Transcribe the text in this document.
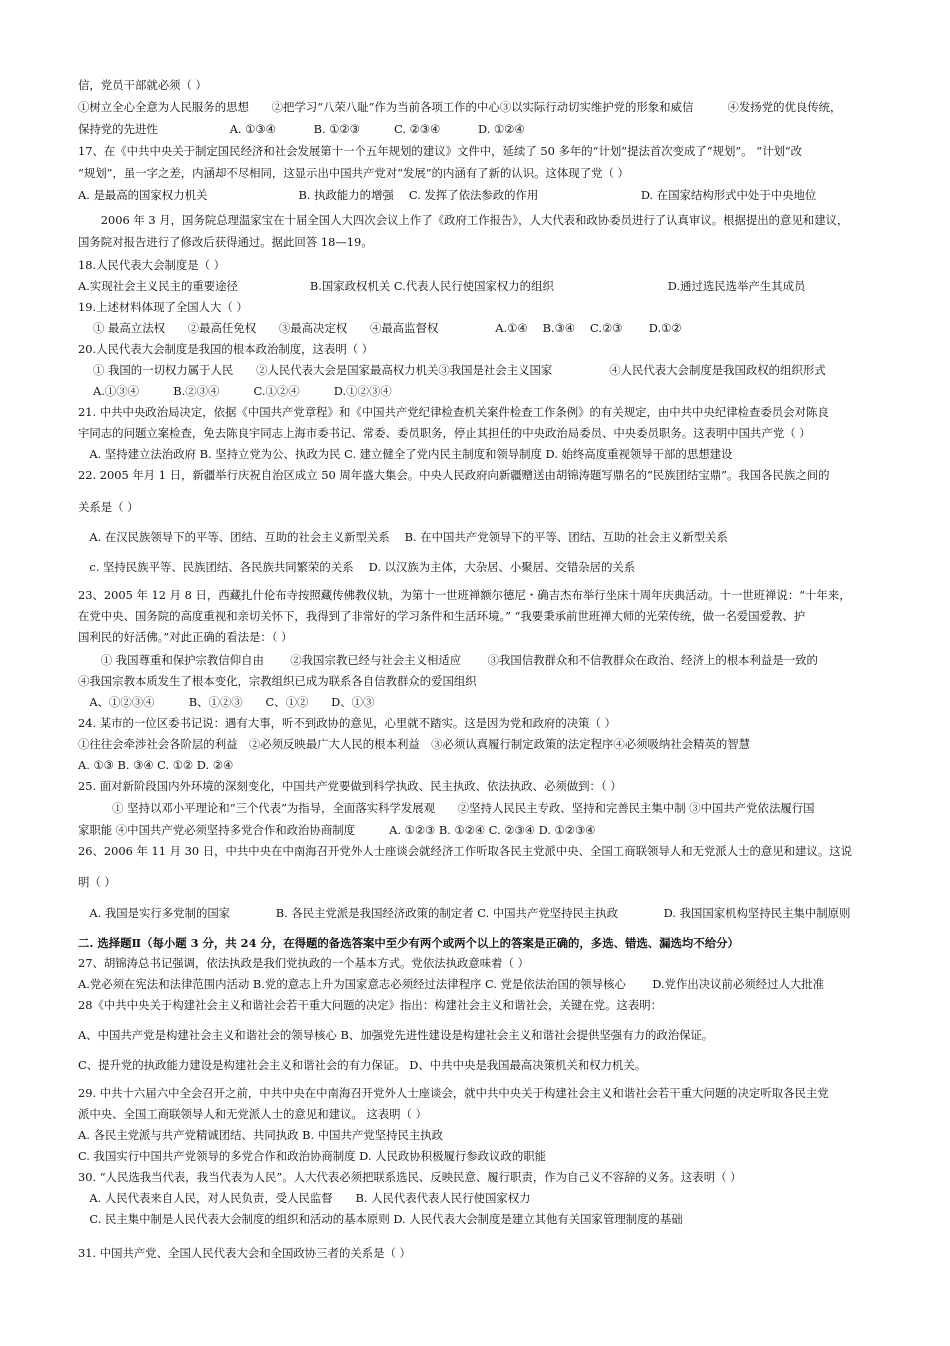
信，党员干部就必须（ ）
①树立全心全意为人民服务的思想　　②把学习“八荣八耻”作为当前各项工作的中心③以实际行动切实维护党的形象和威信　　　④发扬党的优良传统，
保持党的先进性　　　　　　 A. ①③④　　　 B. ①②③　　　C. ②③④　　　 D. ①②④
17、在《中共中央关于制定国民经济和社会发展第十一个五年规划的建议》文件中，延续了 50 多年的“计划”提法首次变成了“规划”。 “计划”改
“规划”，虽一字之差，内涵却不尽相同，这显示出中国共产党对“发展”的内涵有了新的认识。这体现了党（ ）
A. 是最高的国家权力机关　　　　　　　　B. 执政能力的增强　 C. 发挥了依法参政的作用　　　　　　　　　D. 在国家结构形式中处于中央地位
　　2006 年 3 月，国务院总理温家宝在十届全国人大四次会议上作了《政府工作报告》，人大代表和政协委员进行了认真审议。根据提出的意见和建议，
国务院对报告进行了修改后获得通过。据此回答 18—19。
18.人民代表大会制度是（ ）
A.实现社会主义民主的重要途径　　　　　　 B.国家政权机关 C.代表人民行使国家权力的组织　　　　　　　　　　D.通过选民选举产生其成员
19.上述材料体现了全国人大（ ）
　 ① 最高立法权　　②最高任免权　　③最高决定权　　④最高监督权　　　　　A.①④　 B.③④　 C.②③　　 D.①②
20.人民代表大会制度是我国的根本政治制度，这表明（ ）
　 ① 我国的一切权力属于人民　　②人民代表大会是国家最高权力机关③我国是社会主义国家　　　　　④人民代表大会制度是我国政权的组织形式
　 A.①③④　　　B.②③④　　　C.①②④　　　D.①②③④
21. 中共中央政治局决定，依据《中国共产党章程》和《中国共产党纪律检查机关案件检查工作条例》的有关规定，由中共中央纪律检查委员会对陈良
宇同志的问题立案检查，免去陈良宇同志上海市委书记、常委、委员职务，停止其担任的中央政治局委员、中央委员职务。这表明中国共产党（ ）
　A. 坚持建立法治政府 B. 坚持立党为公、执政为民 C. 建立健全了党内民主制度和领导制度 D. 始终高度重视领导干部的思想建设
22. 2005 年月 1 日，新疆举行庆祝自治区成立 50 周年盛大集会。中央人民政府向新疆赠送由胡锦涛题写鼎名的“民族团结宝鼎”。我国各民族之间的
关系是（ ）
　A. 在汉民族领导下的平等、团结、互助的社会主义新型关系　 B. 在中国共产党领导下的平等、团结、互助的社会主义新型关系
　c. 坚持民族平等、民族团结、各民族共同繁荣的关系　 D. 以汉族为主体，大杂居、小聚居、交错杂居的关系
23、2005 年 12 月 8 日，西藏扎什伦布寺按照藏传佛教仪轨，为第十一世班禅额尔德尼・确吉杰布举行坐床十周年庆典活动。十一世班禅说：“十年来，
在党中央、国务院的高度重视和亲切关怀下，我得到了非常好的学习条件和生活环境。” “我要秉承前世班禅大师的光荣传统，做一名爱国爱教、护
国利民的好活佛。”对此正确的看法是：（ ）
　　① 我国尊重和保护宗教信仰自由　　 ②我国宗教已经与社会主义相适应　　 ③我国信教群众和不信教群众在政治、经济上的根本利益是一致的
④我国宗教本质发生了根本变化，宗教组织已成为联系各自信教群众的爱国组织
　A、①②③④　　　B、①②③　　C、①②　　D、①③
24. 某市的一位区委书记说：遇有大事，听不到政协的意见，心里就不踏实。这是因为党和政府的决策（ ）
①往往会牵涉社会各阶层的利益　②必须反映最广大人民的根本利益　③必须认真履行制定政策的法定程序④必须吸纳社会精英的智慧
A. ①③ B. ③④ C. ①② D. ②④
25. 面对新阶段国内外环境的深刻变化，中国共产党要做到科学执政、民主执政、依法执政、必须做到：（ ）
　　　① 坚持以邓小平理论和“三个代表”为指导，全面落实科学发展观　　②坚持人民民主专政、坚持和完善民主集中制 ③中国共产党依法履行国
家职能 ④中国共产党必须坚持多党合作和政治协商制度　　　A. ①②③ B. ①②④ C. ②③④ D. ①②③④
26、2006 年 11 月 30 日，中共中央在中南海召开党外人士座谈会就经济工作听取各民主党派中央、全国工商联领导人和无党派人士的意见和建议。这说
明（ ）
　A. 我国是实行多党制的国家　　　　B. 各民主党派是我国经济政策的制定者 C. 中国共产党坚持民主执政　　　　D. 我国国家机构坚持民主集中制原则
二. 选择题Ⅱ（每小题 3 分，共 24 分，在得题的备选答案中至少有两个或两个以上的答案是正确的，多选、错选、漏选均不给分）
27、胡锦涛总书记强调，依法执政是我们党执政的一个基本方式。党依法执政意味着（ ）
A.党必须在宪法和法律范围内活动 B.党的意志上升为国家意志必须经过法律程序 C. 党是依法治国的领导核心　　 D.党作出决议前必须经过人大批准
28《中共中央关于构建社会主义和谐社会若干重大问题的决定》指出：构建社会主义和谐社会，关键在党。这表明：
A、中国共产党是构建社会主义和谐社会的领导核心 B、加强党先进性建设是构建社会主义和谐社会提供坚强有力的政治保证。
C、提升党的执政能力建设是构建社会主义和谐社会的有力保证。 D、中共中央是我国最高决策机关和权力机关。
29. 中共十六届六中全会召开之前，中共中央在中南海召开党外人士座谈会，就中共中央关于构建社会主义和谐社会若干重大问题的决定听取各民主党
派中央、全国工商联领导人和无党派人士的意见和建议。 这表明（ ）
A. 各民主党派与共产党精诚团结、共同执政 B. 中国共产党坚持民主执政
C. 我国实行中国共产党领导的多党合作和政治协商制度 D. 人民政协积极履行参政议政的职能
30. “人民选我当代表，我当代表为人民”。人大代表必须把联系选民、反映民意、履行职责，作为自己义不容辞的义务。这表明（ ）
　A. 人民代表来自人民，对人民负责，受人民监督　　B. 人民代表代表人民行使国家权力
　C. 民主集中制是人民代表大会制度的组织和活动的基本原则 D. 人民代表大会制度是建立其他有关国家管理制度的基础
31. 中国共产党、全国人民代表大会和全国政协三者的关系是（ ）
